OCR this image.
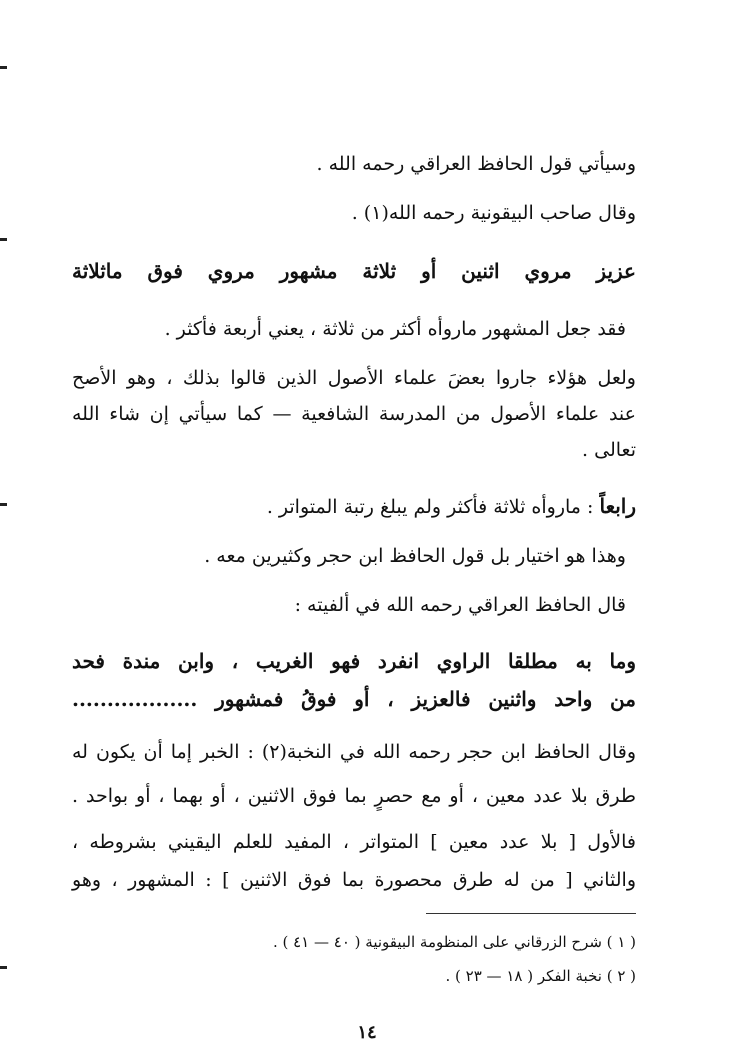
وسيأتي قول الحافظ العراقي رحمه الله .
وقال صاحب البيقونية رحمه الله(١) .
عزيز مروي اثنين أو ثلاثة مشهور مروي فوق ماثلاثة
فقد جعل المشهور ماروأه أكثر من ثلاثة ، يعني أربعة فأكثر .
ولعل هؤلاء جاروا بعضَ علماء الأصول الذين قالوا بذلك ، وهو الأصح
عند علماء الأصول من المدرسة الشافعية — كما سيأتي إن شاء الله
تعالى .
رابعاً : ماروأه ثلاثة فأكثر ولم يبلغ رتبة المتواتر .
وهذا هو اختيار بل قول الحافظ ابن حجر وكثيرين معه .
قال الحافظ العراقي رحمه الله في ألفيته :
وما به مطلقا الراوي انفرد فهو الغريب ، وابن مندة فحد
من واحد واثنين فالعزيز ، أو فوقُ فمشهور ..................
وقال الحافظ ابن حجر رحمه الله في النخبة(٢) : الخبر إما أن يكون له
طرق بلا عدد معين ، أو مع حصرٍ بما فوق الاثنين ، أو بهما ، أو بواحد .
فالأول [ بلا عدد معين ] المتواتر ، المفيد للعلم اليقيني بشروطه ،
والثاني [ من له طرق محصورة بما فوق الاثنين ] : المشهور ، وهو
( ١ ) شرح الزرقاني على المنظومة البيقونية ( ٤٠ — ٤١ ) .
( ٢ ) نخبة الفكر ( ١٨ — ٢٣ ) .
١٤
